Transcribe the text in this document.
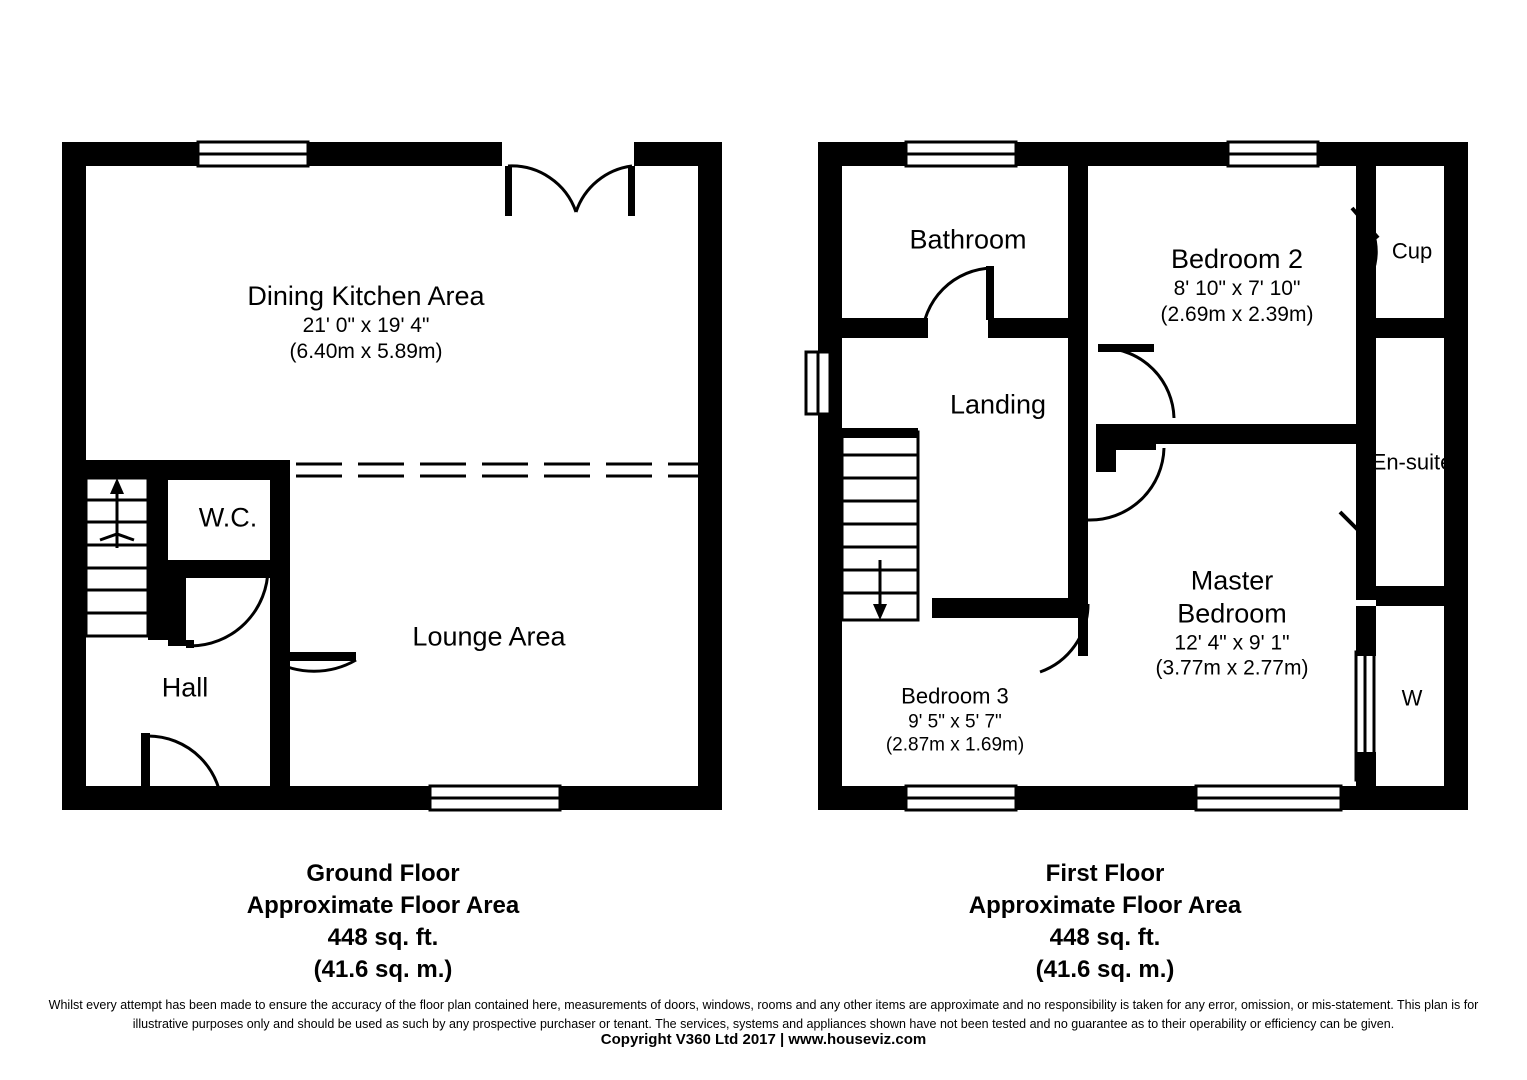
Dining Kitchen Area
21' 0" x 19' 4"
(6.40m x 5.89m)
W.C.
Lounge Area
Hall
Bathroom
Bedroom 2
8' 10" x 7' 10"
(2.69m x 2.39m)
Cup
Landing
En-suite
Master
Bedroom
12' 4" x 9' 1"
(3.77m x 2.77m)
Bedroom 3
9' 5" x 5' 7"
(2.87m x 1.69m)
W
Ground Floor
Approximate Floor Area
448 sq. ft.
(41.6 sq. m.)
First Floor
Approximate Floor Area
448 sq. ft.
(41.6 sq. m.)
Whilst every attempt has been made to ensure the accuracy of the floor plan contained here, measurements of doors, windows, rooms and any other items are approximate and no responsibility is taken for any error, omission, or mis-statement. This plan is for
illustrative purposes only and should be used as such by any prospective purchaser or tenant. The services, systems and appliances shown have not been tested and no guarantee as to their operability or efficiency can be given.
Copyright V360 Ltd 2017 | www.houseviz.com
